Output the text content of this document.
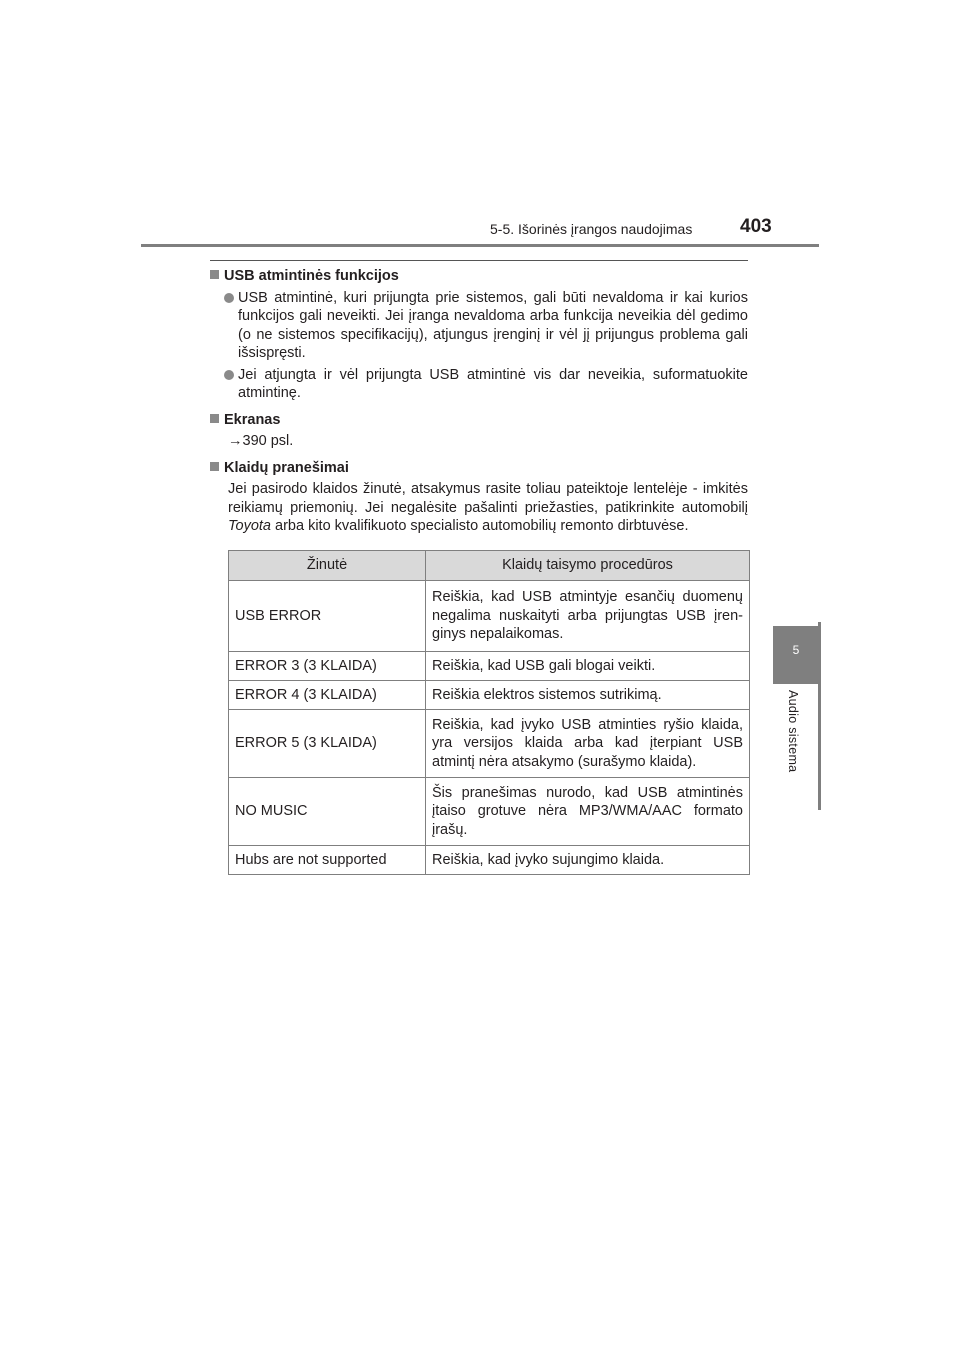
5-5. Išorinės įrangos naudojimas	403
5
Audio sistema
USB atmintinės funkcijos
USB atmintinė, kuri prijungta prie sistemos, gali būti nevaldoma ir kai kurios funkcijos gali neveikti. Jei įranga nevaldoma arba funkcija neveikia dėl gedimo (o ne sistemos specifikacijų), atjungus įrenginį ir vėl jį prijungus problema gali išsispręsti.
Jei atjungta ir vėl prijungta USB atmintinė vis dar neveikia, suformatuokite atmintinę.
Ekranas
→390 psl.
Klaidų pranešimai
Jei pasirodo klaidos žinutė, atsakymus rasite toliau pateiktoje lentelėje - imkitės reikiamų priemonių. Jei negalėsite pašalinti priežasties, patikrinkite automobilį Toyota arba kito kvalifikuoto specialisto automobilių remonto dirbtuvėse.
Žinutė	Klaidų taisymo procedūros
USB ERROR	Reiškia, kad USB atmintyje esančių duomenų negalima nuskaityti arba prijungtas USB įren-ginys nepalaikomas.
ERROR 3 (3 KLAIDA)	Reiškia, kad USB gali blogai veikti.
ERROR 4 (3 KLAIDA)	Reiškia elektros sistemos sutrikimą.
ERROR 5 (3 KLAIDA)	Reiškia, kad įvyko USB atminties ryšio klaida, yra versijos klaida arba kad įterpiant USB atmintį nėra atsakymo (surašymo klaida).
NO MUSIC	Šis pranešimas nurodo, kad USB atmintinės įtaiso grotuve nėra MP3/WMA/AAC formato įrašų.
Hubs are not supported	Reiškia, kad įvyko sujungimo klaida.
